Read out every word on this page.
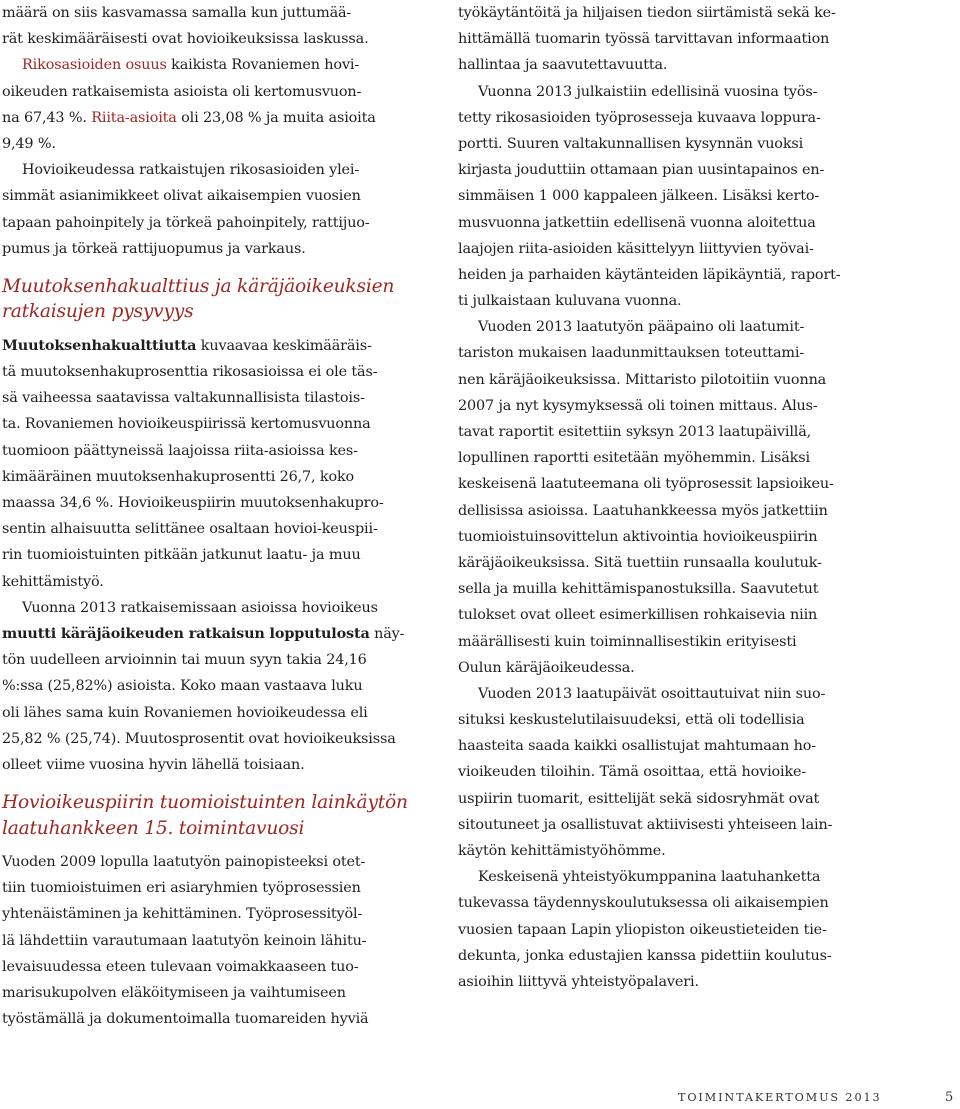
määrä on siis kasvamassa samalla kun juttumää-
rät keskimääräisesti ovat hovioikeuksissa laskussa.
Rikosasioiden osuus kaikista Rovaniemen hovi-
oikeuden ratkaisemista asioista oli kertomusvuon-
na 67,43 %. Riita-asioita oli 23,08 % ja muita asioita
9,49 %.
Hovioikeudessa ratkaistujen rikosasioiden ylei-
simmät asianimikkeet olivat aikaisempien vuosien
tapaan pahoinpitely ja törkeä pahoinpitely, rattijuo-
pumus ja törkeä rattijuopumus ja varkaus.
Muutoksenhakualttius ja käräjäoikeuksien
ratkaisujen pysyvyys
Muutoksenhakualttiutta kuvaavaa keskimääräis-
tä muutoksenhakuprosenttia rikosasioissa ei ole täs-
sä vaiheessa saatavissa valtakunnallisista tilastois-
ta. Rovaniemen hovioikeuspiirissä kertomusvuonna
tuomioon päättyneissä laajoissa riita-asioissa kes-
kimääräinen muutoksenhakuprosentti 26,7, koko
maassa 34,6 %. Hovioikeuspiirin muutoksenhakupro-
sentin alhaisuutta selittänee osaltaan hovioi-keuspii-
rin tuomioistuinten pitkään jatkunut laatu- ja muu
kehittämistyö.
Vuonna 2013 ratkaisemissaan asioissa hovioikeus
muutti käräjäoikeuden ratkaisun lopputulosta näy-
tön uudelleen arvioinnin tai muun syyn takia 24,16
%:ssa (25,82%) asioista. Koko maan vastaava luku
oli lähes sama kuin Rovaniemen hovioikeudessa eli
25,82 % (25,74). Muutosprosentit ovat hovioikeuksissa
olleet viime vuosina hyvin lähellä toisiaan.
Hovioikeuspiirin tuomioistuinten lainkäytön
laatuhankkeen 15. toimintavuosi
Vuoden 2009 lopulla laatutyön painopisteeksi otet-
tiin tuomioistuimen eri asiaryhmien työprosessien
yhtenäistäminen ja kehittäminen. Työprosessityöl-
lä lähdettiin varautumaan laatutyön keinoin lähitu-
levaisuudessa eteen tulevaan voimakkaaseen tuo-
marisukupolven eläköitymiseen ja vaihtumiseen
työstämällä ja dokumentoimalla tuomareiden hyviä
työkäytäntöitä ja hiljaisen tiedon siirtämistä sekä ke-
hittämällä tuomarin työssä tarvittavan informaation
hallintaa ja saavutettavuutta.
Vuonna 2013 julkaistiin edellisinä vuosina työs-
tetty rikosasioiden työprosesseja kuvaava loppura-
portti. Suuren valtakunnallisen kysynnän vuoksi
kirjasta jouduttiin ottamaan pian uusintapainos en-
simmäisen 1 000 kappaleen jälkeen. Lisäksi kerto-
musvuonna jatkettiin edellisenä vuonna aloitettua
laajojen riita-asioiden käsittelyyn liittyvien työvai-
heiden ja parhaiden käytänteiden läpikäyntiä, raport-
ti julkaistaan kuluvana vuonna.
Vuoden 2013 laatutyön pääpaino oli laatumit-
tariston mukaisen laadunmittauksen toteuttami-
nen käräjäoikeuksissa. Mittaristo pilotoitiin vuonna
2007 ja nyt kysymyksessä oli toinen mittaus. Alus-
tavat raportit esitettiin syksyn 2013 laatupäivillä,
lopullinen raportti esitetään myöhemmin. Lisäksi
keskeisenä laatuteemana oli työprosessit lapsioikeu-
dellisissa asioissa. Laatuhankkeessa myös jatkettiin
tuomioistuinsovittelun aktivointia hovioikeuspiirin
käräjäoikeuksissa. Sitä tuettiin runsaalla koulutuk-
sella ja muilla kehittämispanostuksilla. Saavutetut
tulokset ovat olleet esimerkillisen rohkaisevia niin
määrällisesti kuin toiminnallisestikin erityisesti
Oulun käräjäoikeudessa.
Vuoden 2013 laatupäivät osoittautuivat niin suo-
situksi keskustelutilaisuudeksi, että oli todellisia
haasteita saada kaikki osallistujat mahtumaan ho-
vioikeuden tiloihin. Tämä osoittaa, että hovioike-
uspiirin tuomarit, esittelijät sekä sidosryhmät ovat
sitoutuneet ja osallistuvat aktiivisesti yhteiseen lain-
käytön kehittämistyöhömme.
Keskeisenä yhteistyökumppanina laatuhanketta
tukevassa täydennyskoulutuksessa oli aikaisempien
vuosien tapaan Lapin yliopiston oikeustieteiden tie-
dekunta, jonka edustajien kanssa pidettiin koulutus-
asioihin liittyvä yhteistyöpalaveri.
TOIMINTAKERTOMUS 2013	5
